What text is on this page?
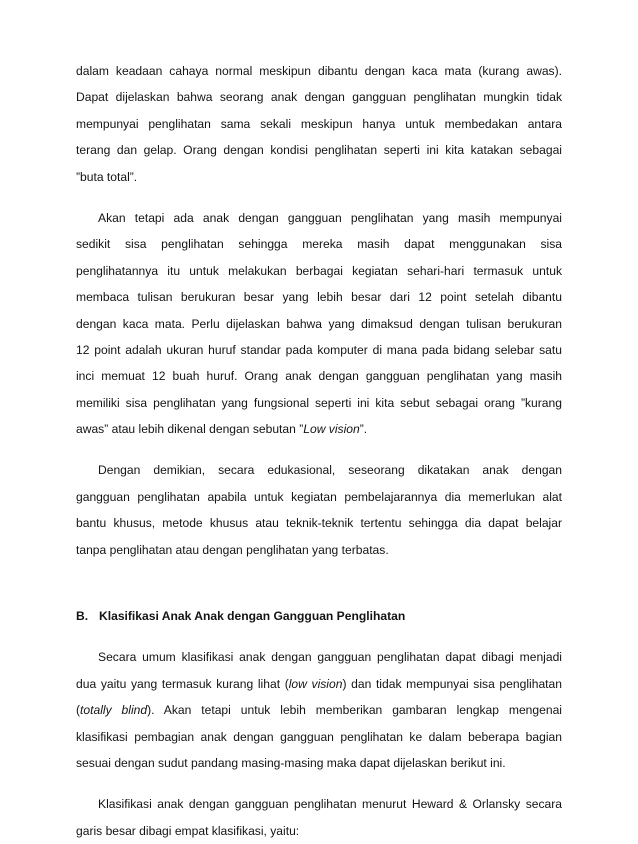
dalam keadaan cahaya normal meskipun dibantu dengan kaca mata (kurang awas).
Dapat dijelaskan bahwa seorang anak dengan gangguan penglihatan mungkin tidak
mempunyai penglihatan sama sekali meskipun hanya untuk membedakan antara
terang dan gelap. Orang dengan kondisi penglihatan seperti ini kita katakan sebagai
”buta total”.
Akan tetapi ada anak dengan gangguan penglihatan yang masih mempunyai
sedikit sisa penglihatan sehingga mereka masih dapat menggunakan sisa
penglihatannya itu untuk melakukan berbagai kegiatan sehari-hari termasuk untuk
membaca tulisan berukuran besar yang lebih besar dari 12 point setelah dibantu
dengan kaca mata. Perlu dijelaskan bahwa yang dimaksud dengan tulisan berukuran
12 point adalah ukuran huruf standar pada komputer di mana pada bidang selebar satu
inci memuat 12 buah huruf. Orang anak dengan gangguan penglihatan yang masih
memiliki sisa penglihatan yang fungsional seperti ini kita sebut sebagai orang ”kurang
awas” atau lebih dikenal dengan sebutan ”Low vision”.
Dengan demikian, secara edukasional, seseorang dikatakan anak dengan
gangguan penglihatan apabila untuk kegiatan pembelajarannya dia memerlukan alat
bantu khusus, metode khusus atau teknik-teknik tertentu sehingga dia dapat belajar
tanpa penglihatan atau dengan penglihatan yang terbatas.
B. Klasifikasi Anak Anak dengan Gangguan Penglihatan
Secara umum klasifikasi anak dengan gangguan penglihatan dapat dibagi menjadi
dua yaitu yang termasuk kurang lihat (low vision) dan tidak mempunyai sisa penglihatan
(totally blind). Akan tetapi untuk lebih memberikan gambaran lengkap mengenai
klasifikasi pembagian anak dengan gangguan penglihatan ke dalam beberapa bagian
sesuai dengan sudut pandang masing-masing maka dapat dijelaskan berikut ini.
Klasifikasi anak dengan gangguan penglihatan menurut Heward & Orlansky secara
garis besar dibagi empat klasifikasi, yaitu:
